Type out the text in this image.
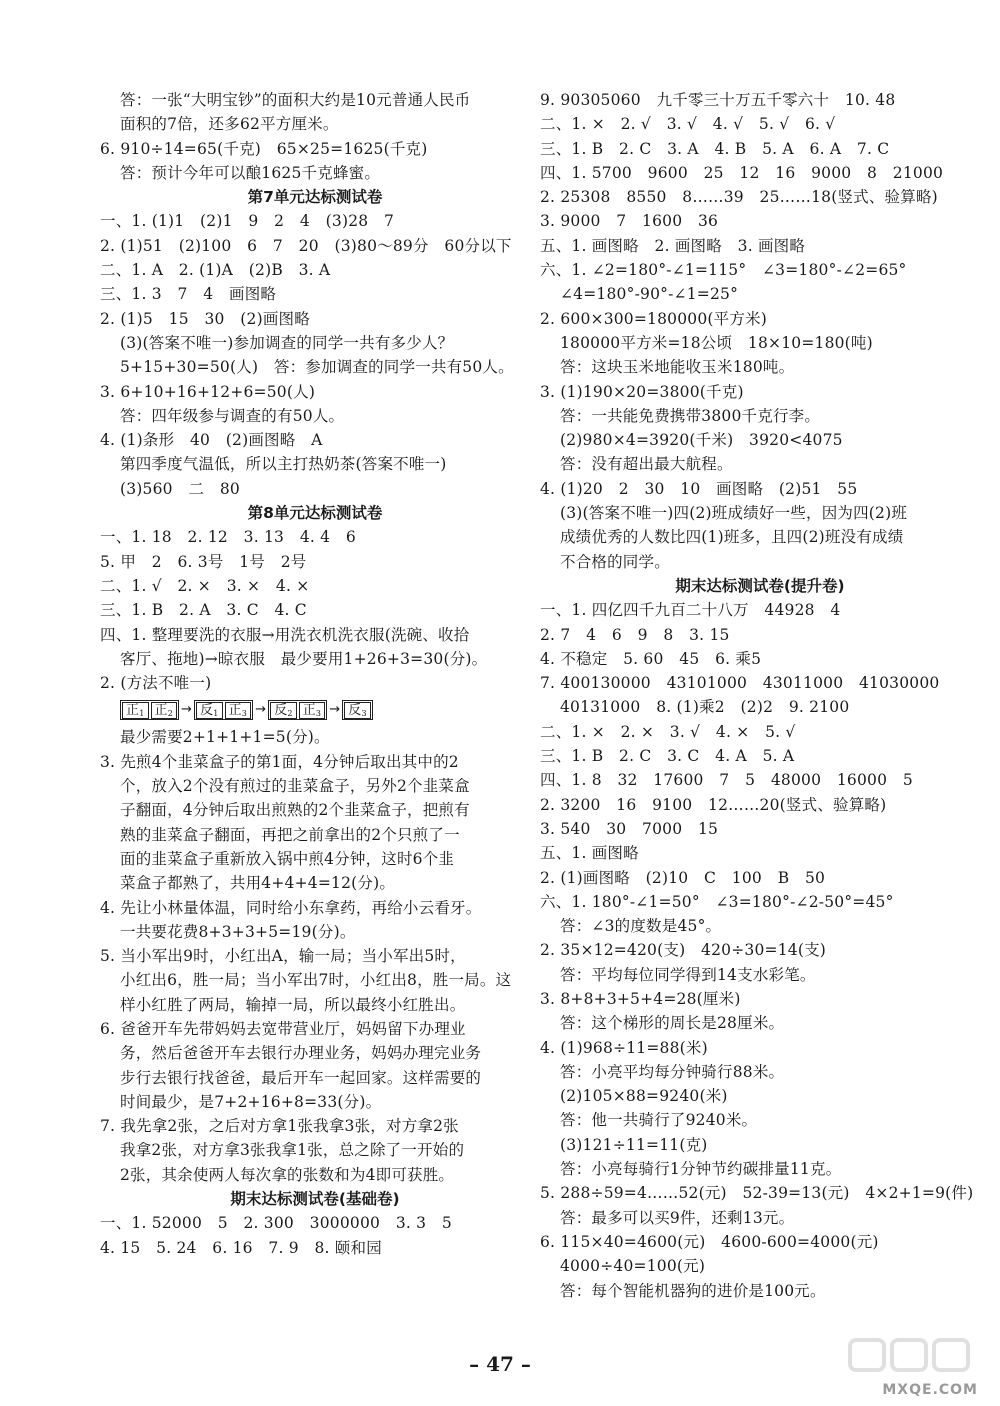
答：一张“大明宝钞”的面积大约是10元普通人民币
面积的7倍，还多62平方厘米。
6. 910÷14=65(千克)　65×25=1625(千克)
答：预计今年可以酿1625千克蜂蜜。
第7单元达标测试卷
一、1. (1)1　(2)1　9　2　4　(3)28　7
2. (1)51　(2)100　6　7　20　(3)80～89分　60分以下
二、1. A　2. (1)A　(2)B　3. A
三、1. 3　7　4　画图略
2. (1)5　15　30　(2)画图略
(3)(答案不唯一)参加调查的同学一共有多少人？
5+15+30=50(人)　答：参加调查的同学一共有50人。
3. 6+10+16+12+6=50(人)
答：四年级参与调查的有50人。
4. (1)条形　40　(2)画图略　A
第四季度气温低，所以主打热奶茶(答案不唯一)
(3)560　二　80
第8单元达标测试卷
一、1. 18　2. 12　3. 13　4. 4　6
5. 甲　2　6. 3号　1号　2号
二、1. √　2. ×　3. ×　4. ×
三、1. B　2. A　3. C　4. C
四、1. 整理要洗的衣服→用洗衣机洗衣服(洗碗、收拾
客厅、拖地)→晾衣服　最少要用1+26+3=30(分)。
2. (方法不唯一)
正$_1$ 正$_2$ → 反$_1$ 正$_3$ → 反$_2$ 正$_3$ → 反$_3$
最少需要2+1+1+1=5(分)。
3. 先煎4个韭菜盒子的第1面，4分钟后取出其中的2
个，放入2个没有煎过的韭菜盒子，另外2个韭菜盒
子翻面，4分钟后取出煎熟的2个韭菜盒子，把煎有
熟的韭菜盒子翻面，再把之前拿出的2个只煎了一
面的韭菜盒子重新放入锅中煎4分钟，这时6个韭
菜盒子都熟了，共用4+4+4=12(分)。
4. 先让小林量体温，同时给小东拿药，再给小云看牙。
一共要花费8+3+3+5=19(分)。
5. 当小军出9时，小红出A，输一局；当小军出5时，
小红出6，胜一局；当小军出7时，小红出8，胜一局。这
样小红胜了两局，输掉一局，所以最终小红胜出。
6. 爸爸开车先带妈妈去宽带营业厅，妈妈留下办理业
务，然后爸爸开车去银行办理业务，妈妈办理完业务
步行去银行找爸爸，最后开车一起回家。这样需要的
时间最少，是7+2+16+8=33(分)。
7. 我先拿2张，之后对方拿1张我拿3张，对方拿2张
我拿2张，对方拿3张我拿1张，总之除了一开始的
2张，其余使两人每次拿的张数和为4即可获胜。
期末达标测试卷(基础卷)
一、1. 52000　5　2. 300　3000000　3. 3　5
4. 15　5. 24　6. 16　7. 9　8. 颐和园
9. 90305060　九千零三十万五千零六十　10. 48
二、1. ×　2. √　3. √　4. √　5. √　6. √
三、1. B　2. C　3. A　4. B　5. A　6. A　7. C
四、1. 5700　9600　25　12　16　9000　8　21000
2. 25308　8550　8……39　25……18(竖式、验算略)
3. 9000　7　1600　36
五、1. 画图略　2. 画图略　3. 画图略
六、1. ∠2=180°-∠1=115°　∠3=180°-∠2=65°
∠4=180°-90°-∠1=25°
2. 600×300=180000(平方米)
180000平方米=18公顷　18×10=180(吨)
答：这块玉米地能收玉米180吨。
3. (1)190×20=3800(千克)
答：一共能免费携带3800千克行李。
(2)980×4=3920(千米)　3920<4075
答：没有超出最大航程。
4. (1)20　2　30　10　画图略　(2)51　55
(3)(答案不唯一)四(2)班成绩好一些，因为四(2)班
成绩优秀的人数比四(1)班多，且四(2)班没有成绩
不合格的同学。
期末达标测试卷(提升卷)
一、1. 四亿四千九百二十八万　44928　4
2. 7　4　6　9　8　3. 15
4. 不稳定　5. 60　45　6. 乘5
7. 400130000　43101000　43011000　41030000
40131000　8. (1)乘2　(2)2　9. 2100
二、1. ×　2. ×　3. √　4. ×　5. √
三、1. B　2. C　3. C　4. A　5. A
四、1. 8　32　17600　7　5　48000　16000　5
2. 3200　16　9100　12……20(竖式、验算略)
3. 540　30　7000　15
五、1. 画图略
2. (1)画图略　(2)10　C　100　B　50
六、1. 180°-∠1=50°　∠3=180°-∠2-50°=45°
答：∠3的度数是45°。
2. 35×12=420(支)　420÷30=14(支)
答：平均每位同学得到14支水彩笔。
3. 8+8+3+5+4=28(厘米)
答：这个梯形的周长是28厘米。
4. (1)968÷11=88(米)
答：小亮平均每分钟骑行88米。
(2)105×88=9240(米)
答：他一共骑行了9240米。
(3)121÷11=11(克)
答：小亮每骑行1分钟节约碳排量11克。
5. 288÷59=4……52(元)　52-39=13(元)　4×2+1=9(件)
答：最多可以买9件，还剩13元。
6. 115×40=4600(元)　4600-600=4000(元)
4000÷40=100(元)
答：每个智能机器狗的进价是100元。
– 47 –
MXQE.COM
